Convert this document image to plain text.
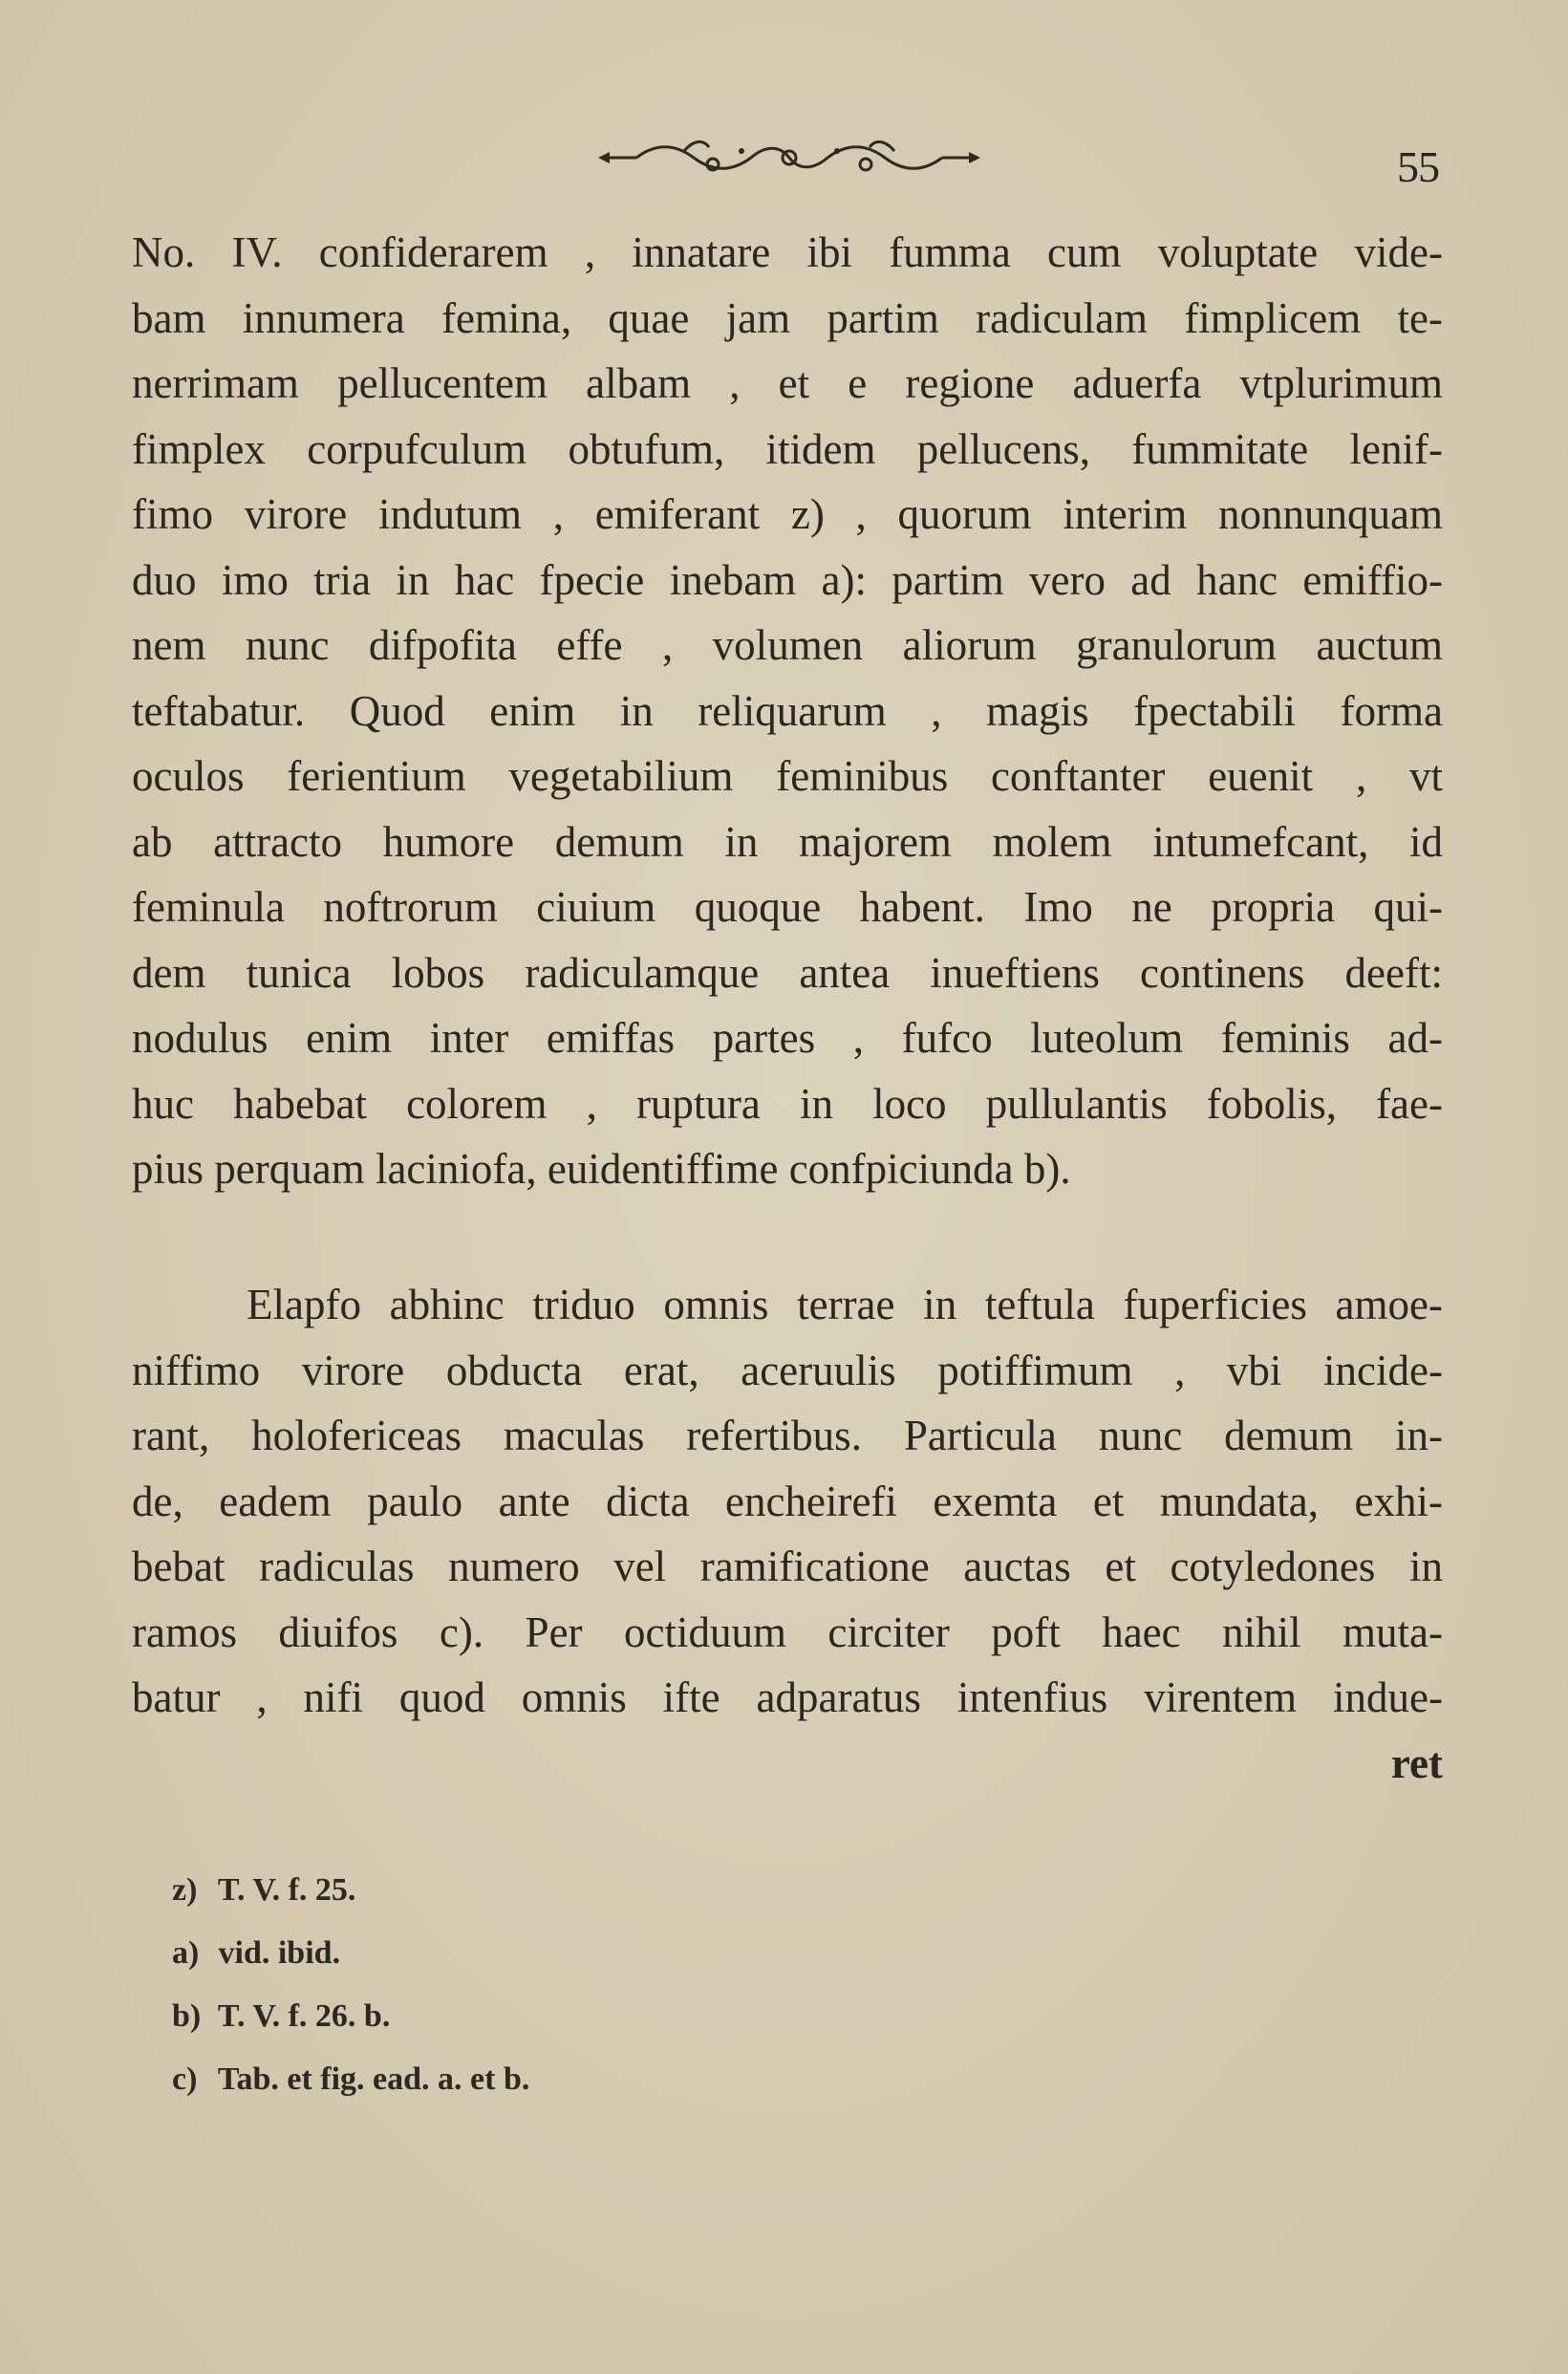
55
No. IV. confiderarem , innatare ibi fumma cum voluptate vide-
bam innumera femina, quae jam partim radiculam fimplicem te-
nerrimam pellucentem albam , et e regione aduerfa vtplurimum
fimplex corpufculum obtufum, itidem pellucens, fummitate lenif-
fimo virore indutum , emiferant z) , quorum interim nonnunquam
duo imo tria in hac fpecie inebam a): partim vero ad hanc emiffio-
nem nunc difpofita effe , volumen aliorum granulorum auctum
teftabatur. Quod enim in reliquarum , magis fpectabili forma
oculos ferientium vegetabilium feminibus conftanter euenit , vt
ab attracto humore demum in majorem molem intumefcant, id
feminula noftrorum ciuium quoque habent. Imo ne propria qui-
dem tunica lobos radiculamque antea inueftiens continens deeft:
nodulus enim inter emiffas partes , fufco luteolum feminis ad-
huc habebat colorem , ruptura in loco pullulantis fobolis, fae-
pius perquam laciniofa, euidentiffime confpiciunda b).
Elapfo abhinc triduo omnis terrae in teftula fuperficies amoe-
niffimo virore obducta erat, aceruulis potiffimum , vbi incide-
rant, holofericeas maculas refertibus. Particula nunc demum in-
de, eadem paulo ante dicta encheirefi exemta et mundata, exhi-
bebat radiculas numero vel ramificatione auctas et cotyledones in
ramos diuifos c). Per octiduum circiter poft haec nihil muta-
batur , nifi quod omnis ifte adparatus intenfius virentem indue-
ret
z) T. V. f. 25.
a) vid. ibid.
b) T. V. f. 26. b.
c) Tab. et fig. ead. a. et b.
